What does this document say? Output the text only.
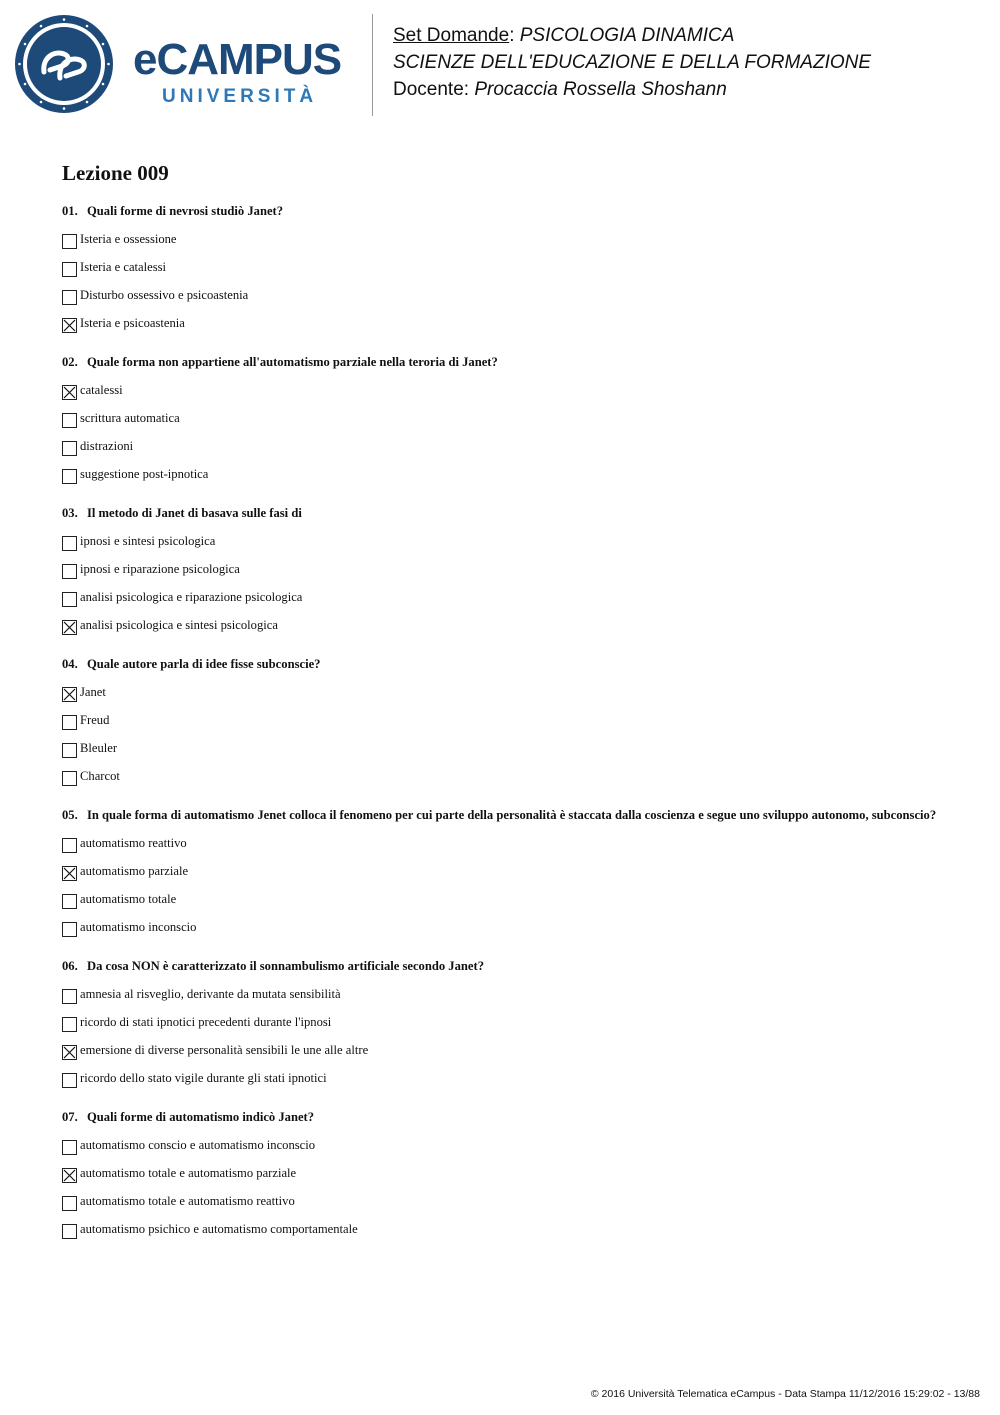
eCAMPUS
UNIVERSITÀ
Set Domande: PSICOLOGIA DINAMICA
SCIENZE DELL'EDUCAZIONE E DELLA FORMAZIONE
Docente: Procaccia Rossella Shoshann
Lezione 009
01. Quali forme di nevrosi studiò Janet?
Isteria e ossessione
Isteria e catalessi
Disturbo ossessivo e psicoastenia
Isteria e psicoastenia
02. Quale forma non appartiene all'automatismo parziale nella teroria di Janet?
catalessi
scrittura automatica
distrazioni
suggestione post-ipnotica
03. Il metodo di Janet di basava sulle fasi di
ipnosi e sintesi psicologica
ipnosi e riparazione psicologica
analisi psicologica e riparazione psicologica
analisi psicologica e sintesi psicologica
04. Quale autore parla di idee fisse subconscie?
Janet
Freud
Bleuler
Charcot
05. In quale forma di automatismo Jenet colloca il fenomeno per cui parte della personalità è staccata dalla coscienza e segue uno sviluppo autonomo, subconscio?
automatismo reattivo
automatismo parziale
automatismo totale
automatismo inconscio
06. Da cosa NON è caratterizzato il sonnambulismo artificiale secondo Janet?
amnesia al risveglio, derivante da mutata sensibilità
ricordo di stati ipnotici precedenti durante l'ipnosi
emersione di diverse personalità sensibili le une alle altre
ricordo dello stato vigile durante gli stati ipnotici
07. Quali forme di automatismo indicò Janet?
automatismo conscio e automatismo inconscio
automatismo totale e automatismo parziale
automatismo totale e automatismo reattivo
automatismo psichico e automatismo comportamentale
© 2016 Università Telematica eCampus - Data Stampa 11/12/2016 15:29:02 - 13/88
